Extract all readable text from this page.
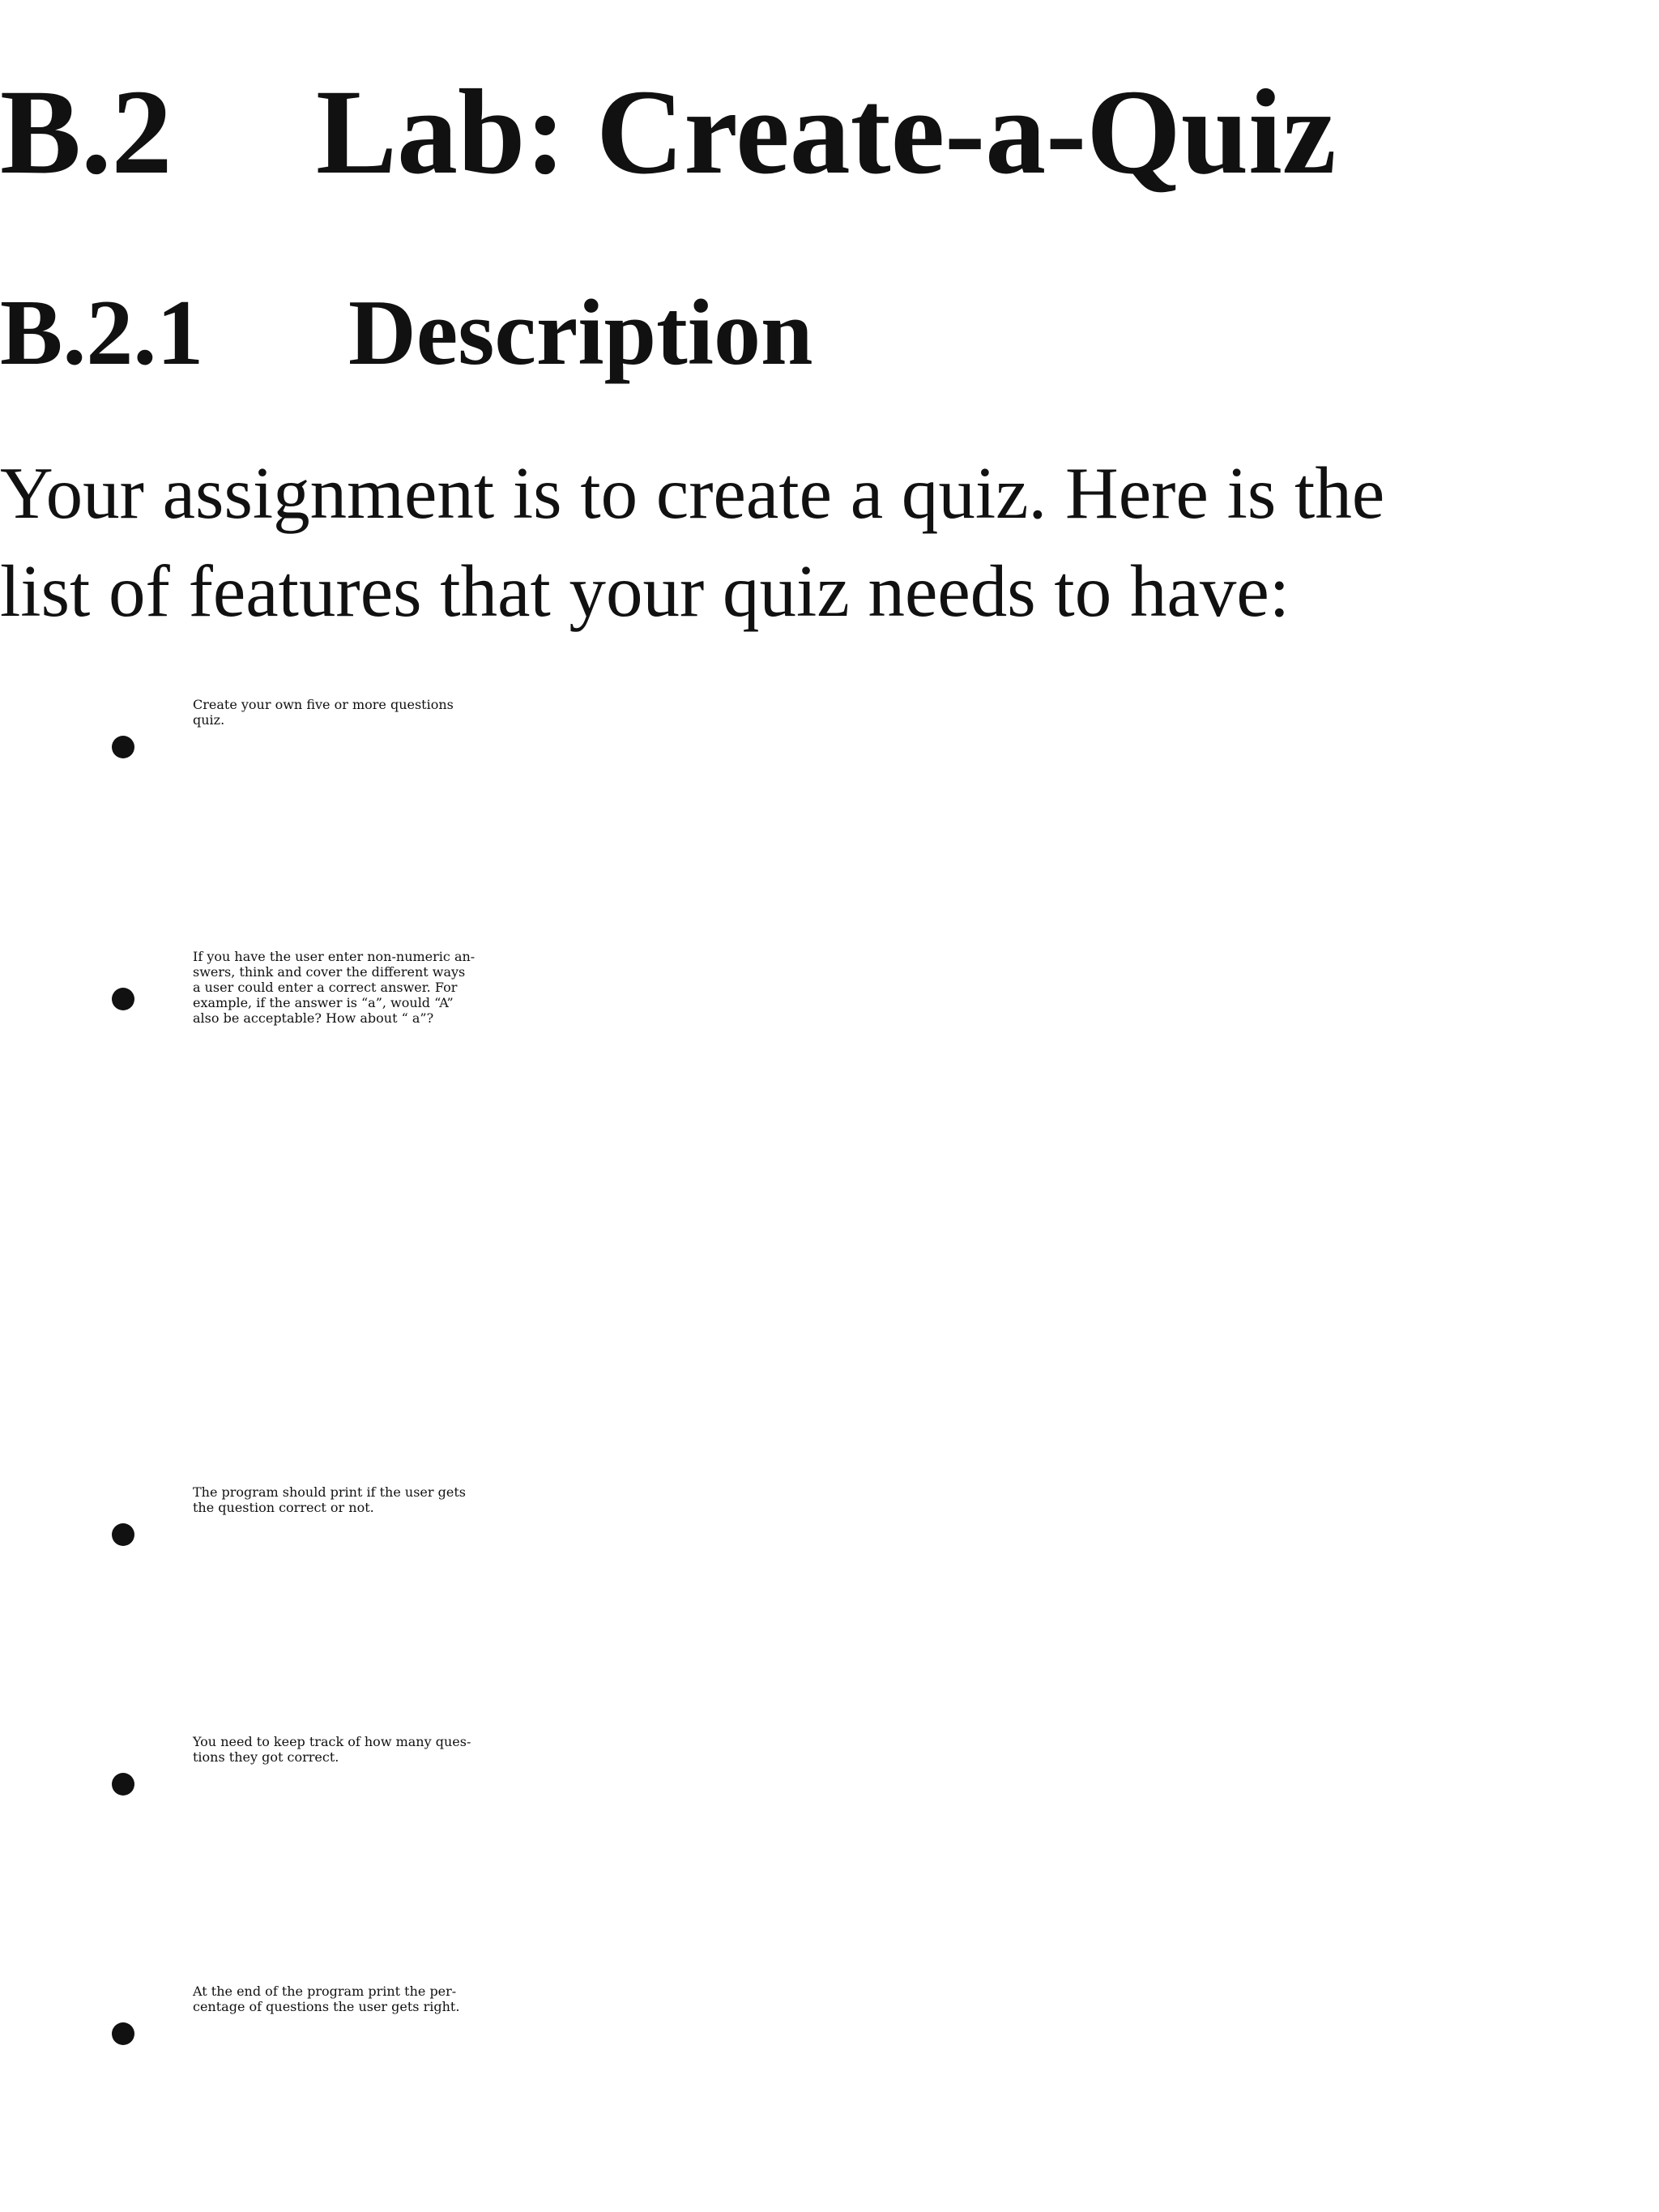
B.2 Lab: Create-a-Quiz
B.2.1 Description

Your assignment is to create a quiz. Here is the
list of features that your quiz needs to have:

Create your own five or more questions
quiz.
If you have the user enter non-numeric an-
swers, think and cover the different ways
a user could enter a correct answer. For
example, if the answer is “a”, would “A”
also be acceptable? How about “ a”?
The program should print if the user gets
the question correct or not.
You need to keep track of how many ques-
tions they got correct.
At the end of the program print the per-
centage of questions the user gets right.
